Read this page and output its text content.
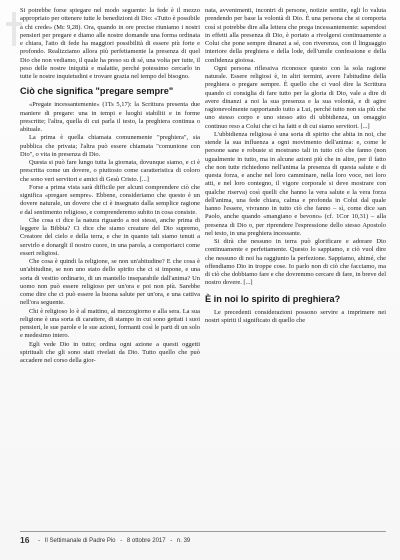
Si potrebbe forse spiegare nel modo seguente: la fede è il mezzo appropriato per ottenere tutte le benedizioni di Dio: «Tutto è possibile a chi crede» (Mc 9,28). Ora, quando in ore precise riuniamo i nostri pensieri per pregare e diamo alle nostre domande una forma ordinata e chiara, l'atto di fede ha maggiori possibilità di essere più forte e profondo. Realizziamo allora più perfettamente la presenza di quel Dio che non vediamo, il quale ha preso su di sé, una volta per tutte, il peso delle nostre iniquità e malattie, perché potessimo cercarlo in tutte le nostre inquietudini e trovare grazia nel tempo del bisogno.

Ciò che significa "pregare sempre"

«Pregate incessantemente» (1Ts 5,17): la Scrittura presenta due maniere di pregare: una in tempi e luoghi stabiliti e in forme prescritte; l'altra, quella di cui parla il testo, la preghiera continua o abituale.

La prima è quella chiamata comunemente "preghiera", sia pubblica che privata; l'altra può essere chiamata "comunione con Dio", o vita in presenza di Dio.

Questa si può fare lungo tutta la giornata, dovunque siamo, e ci è prescritta come un dovere, o piuttosto come caratteristica di coloro che sono veri servitori e amici di Gesù Cristo. [...]

Forse a prima vista sarà difficile per alcuni comprendere ciò che significa «pregare sempre». Ebbene, consideriamo che questo è un dovere naturale, un dovere che ci è insegnato dalla semplice ragione e dal sentimento religioso, e comprenderemo subito in cosa consiste.

Che cosa ci dice la natura riguardo a noi stessi, anche prima di leggere la Bibbia? Ci dice che siamo creature del Dio supremo, Creatore del cielo e della terra, e che in quanto tali siamo tenuti a servirlo e donargli il nostro cuore, in una parola, a comportarci come esseri religiosi.

Che cosa è quindi la religione, se non un'abitudine? E che cosa è un'abitudine, se non uno stato dello spirito che ci si impone, e una sorta di vestito ordinario, di un mantello inseparabile dall'anima? Un uomo non può essere religioso per un'ora e poi non più. Sarebbe come dire che ci può essere la buona salute per un'ora, e una cattiva nell'ora seguente.

Chi è religioso lo è al mattino, al mezzogiorno e alla sera. La sua religione è una sorta di carattere, di stampo in cui sono gettati i suoi pensieri, le sue parole e le sue azioni, formanti così le parti di un solo e medesimo intero.

Egli vede Dio in tutto; ordina ogni azione a questi oggetti spirituali che gli sono stati rivelati da Dio. Tutto quello che può accadere nel corso della gior-

nata, avvenimenti, incontri di persone, notizie sentite, egli lo valuta prendendo per base la volontà di Dio. È una persona che si comporta così si potrebbe dire alla lettera che prega incessantemente: sapendosi in effetti alla presenza di Dio, è portato a rivolgersi continuamente a Colui che pone sempre dinanzi a sé, con riverenza, con il linguaggio interiore della preghiera e della lode, dell'umile confessione e della confidenza gioiosa.

Ogni persona riflessiva riconosce questo con la sola ragione naturale. Essere religiosi è, in altri termini, avere l'abitudine della preghiera o pregare sempre. È quello che ci vuol dire la Scrittura quando ci consiglia di fare tutto per la gloria di Dio, vale a dire di avere dinanzi a noi la sua presenza e la sua volontà, e di agire ragionevolmente rapportando tutto a Lui, perché tutto non sia più che uno stesso corpo e uno stesso atto di ubbidienza, un omaggio continuo reso a Colui che ci ha fatti e di cui siamo servitori. [...]

L'ubbidienza religiosa è una sorta di spirito che abita in noi, che stende la sua influenza a ogni movimento dell'anima: e, come le persone sane e robuste si mostrano tali in tutto ciò che fanno (non ugualmente in tutto, ma in alcune azioni più che in altre, per il fatto che non tutte richiedono nell'anima la presenza di questa salute e di questa forza, e anche nel loro camminare, nella loro voce, nei loro atti, e nel loro contegno, il vigore corporale si deve mostrare con qualche riserva) così quelli che hanno la vera salute e la vera forza dell'anima, una fede chiara, calma e profonda in Colui dal quale hanno l'essere, vivranno in tutto ciò che fanno – sì, come dice san Paolo, anche quando «mangiano e bevono» (cf. 1Cor 10,31) – alla presenza di Dio o, per riprendere l'espressione dello stesso Apostolo nel testo, in una preghiera incessante.

Si dirà che nessuno in terra può glorificare e adorare Dio continuamente e perfettamente. Questo lo sappiamo, e ciò vuol dire che nessuno di noi ha raggiunto la perfezione. Sappiamo, ahimé, che offendiamo Dio in troppe cose. Io parlo non di ciò che facciamo, ma di ciò che dobbiamo fare e che dovremmo cercare di fare, in breve del nostro dovere. [...]

È in noi lo spirito di preghiera?

Le precedenti considerazioni possono servire a imprimere nei nostri spiriti il significato di quello che

16 - Il Settimanale di Padre Pio - 8 ottobre 2017 - n. 39
